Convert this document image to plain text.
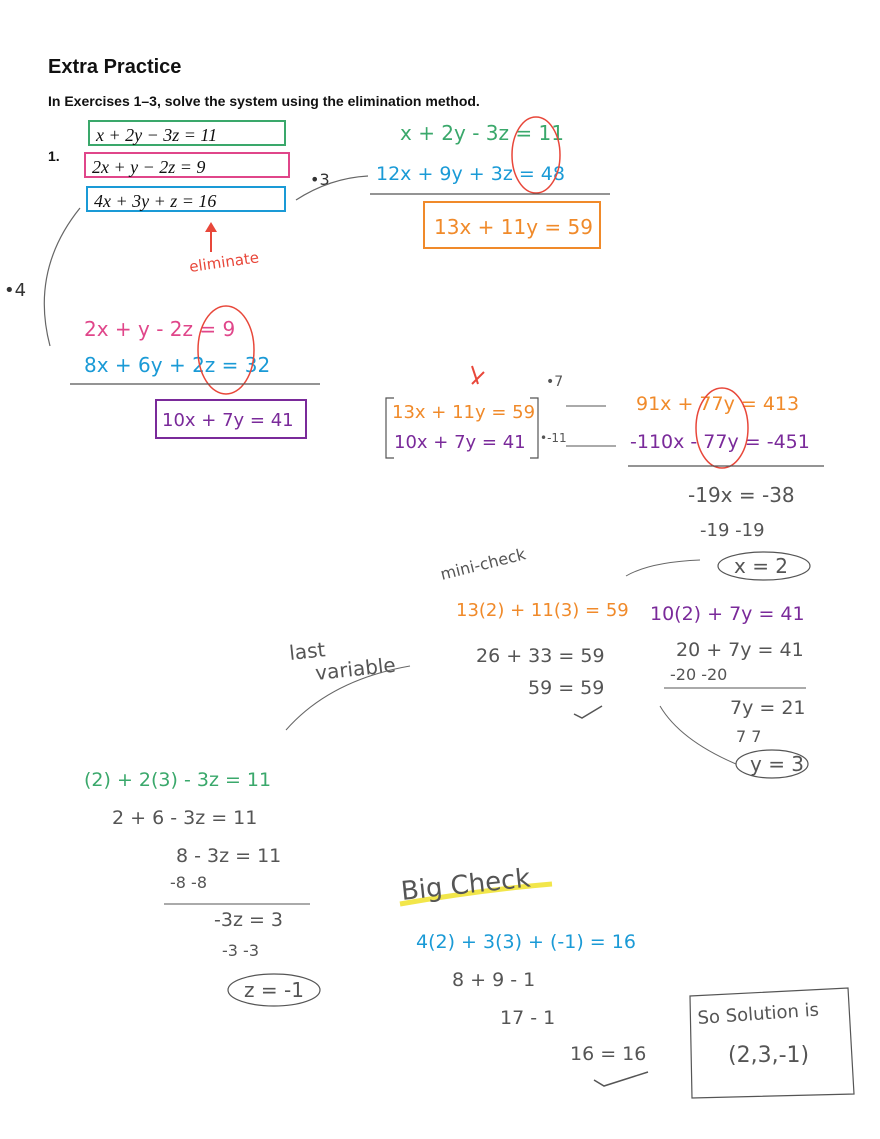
Extra Practice
In Exercises 1–3, solve the system using the elimination method.
1.
x + 2y − 3z = 11
2x + y − 2z = 9
4x + 3y + z = 16
eliminate
•3
•4
x + 2y - 3z = 11
12x + 9y + 3z = 48
13x + 11y = 59
2x + y - 2z = 9
8x + 6y + 2z = 32
10x + 7y = 41	13x + 11y = 59
10x + 7y = 41
•7
•-11
91x + 77y = 413
-110x - 77y = -451
-19x = -38
-19 -19
x = 2
mini-check
13(2) + 11(3) = 59
26 + 33 = 59
59 = 59
10(2) + 7y = 41
20 + 7y = 41
-20 -20
7y = 21
7 7
y = 3
last
variable
(2) + 2(3) - 3z = 11
2 + 6 - 3z = 11
8 - 3z = 11
-8 -8
-3z = 3
-3 -3
z = -1
Big Check
4(2) + 3(3) + (-1) = 16
8 + 9 - 1
17 - 1
16 = 16
So Solution is
(2,3,-1)
